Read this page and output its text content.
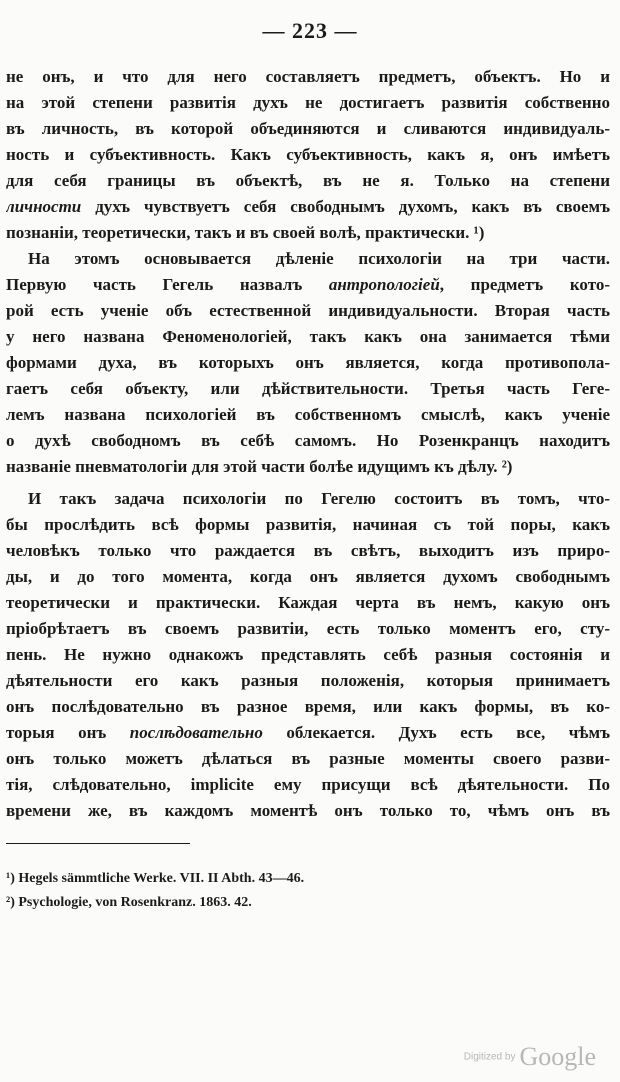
— 223 —
не онъ, и что для него составляетъ предметъ, объектъ. Но и
на этой степени развитія духъ не достигаетъ развитія собственно
въ личность, въ которой объединяются и сливаются индивидуаль-
ность и субъективность. Какъ субъективность, какъ я, онъ имѣетъ
для себя границы въ объектѣ, въ не я. Только на степени
личности духъ чувствуетъ себя свободнымъ духомъ, какъ въ своемъ
познаніи, теоретически, такъ и въ своей волѣ, практически. ¹)
На этомъ основывается дѣленіе психологіи на три части.
Первую часть Гегель назвалъ антропологіей, предметъ кото-
рой есть ученіе объ естественной индивидуальности. Вторая часть
у него названа Феноменологіей, такъ какъ она занимается тѣми
формами духа, въ которыхъ онъ является, когда противопола-
гаетъ себя объекту, или дѣйствительности. Третья часть Геге-
лемъ названа психологіей въ собственномъ смыслѣ, какъ ученіе
о духѣ свободномъ въ себѣ самомъ. Но Розенкранцъ находитъ
названіе пневматологіи для этой части болѣе идущимъ къ дѣлу. ²)
И такъ задача психологіи по Гегелю состоитъ въ томъ, что-
бы прослѣдить всѣ формы развитія, начиная съ той поры, какъ
человѣкъ только что раждается въ свѣтъ, выходитъ изъ приро-
ды, и до того момента, когда онъ является духомъ свободнымъ
теоретически и практически. Каждая черта въ немъ, какую онъ
пріобрѣтаетъ въ своемъ развитіи, есть только моментъ его, сту-
пень. Не нужно однакожъ представлять себѣ разныя состоянія и
дѣятельности его какъ разныя положенія, которыя принимаетъ
онъ послѣдовательно въ разное время, или какъ формы, въ ко-
торыя онъ послѣдовательно облекается. Духъ есть все, чѣмъ
онъ только можетъ дѣлаться въ разные моменты своего разви-
тія, слѣдовательно, implicite ему присущи всѣ дѣятельности. По
времени же, въ каждомъ моментѣ онъ только то, чѣмъ онъ въ
¹) Hegels sämmtliche Werke. VII. II Abth. 43—46.
²) Psychologie, von Rosenkranz. 1863. 42.
Digitized by Google
